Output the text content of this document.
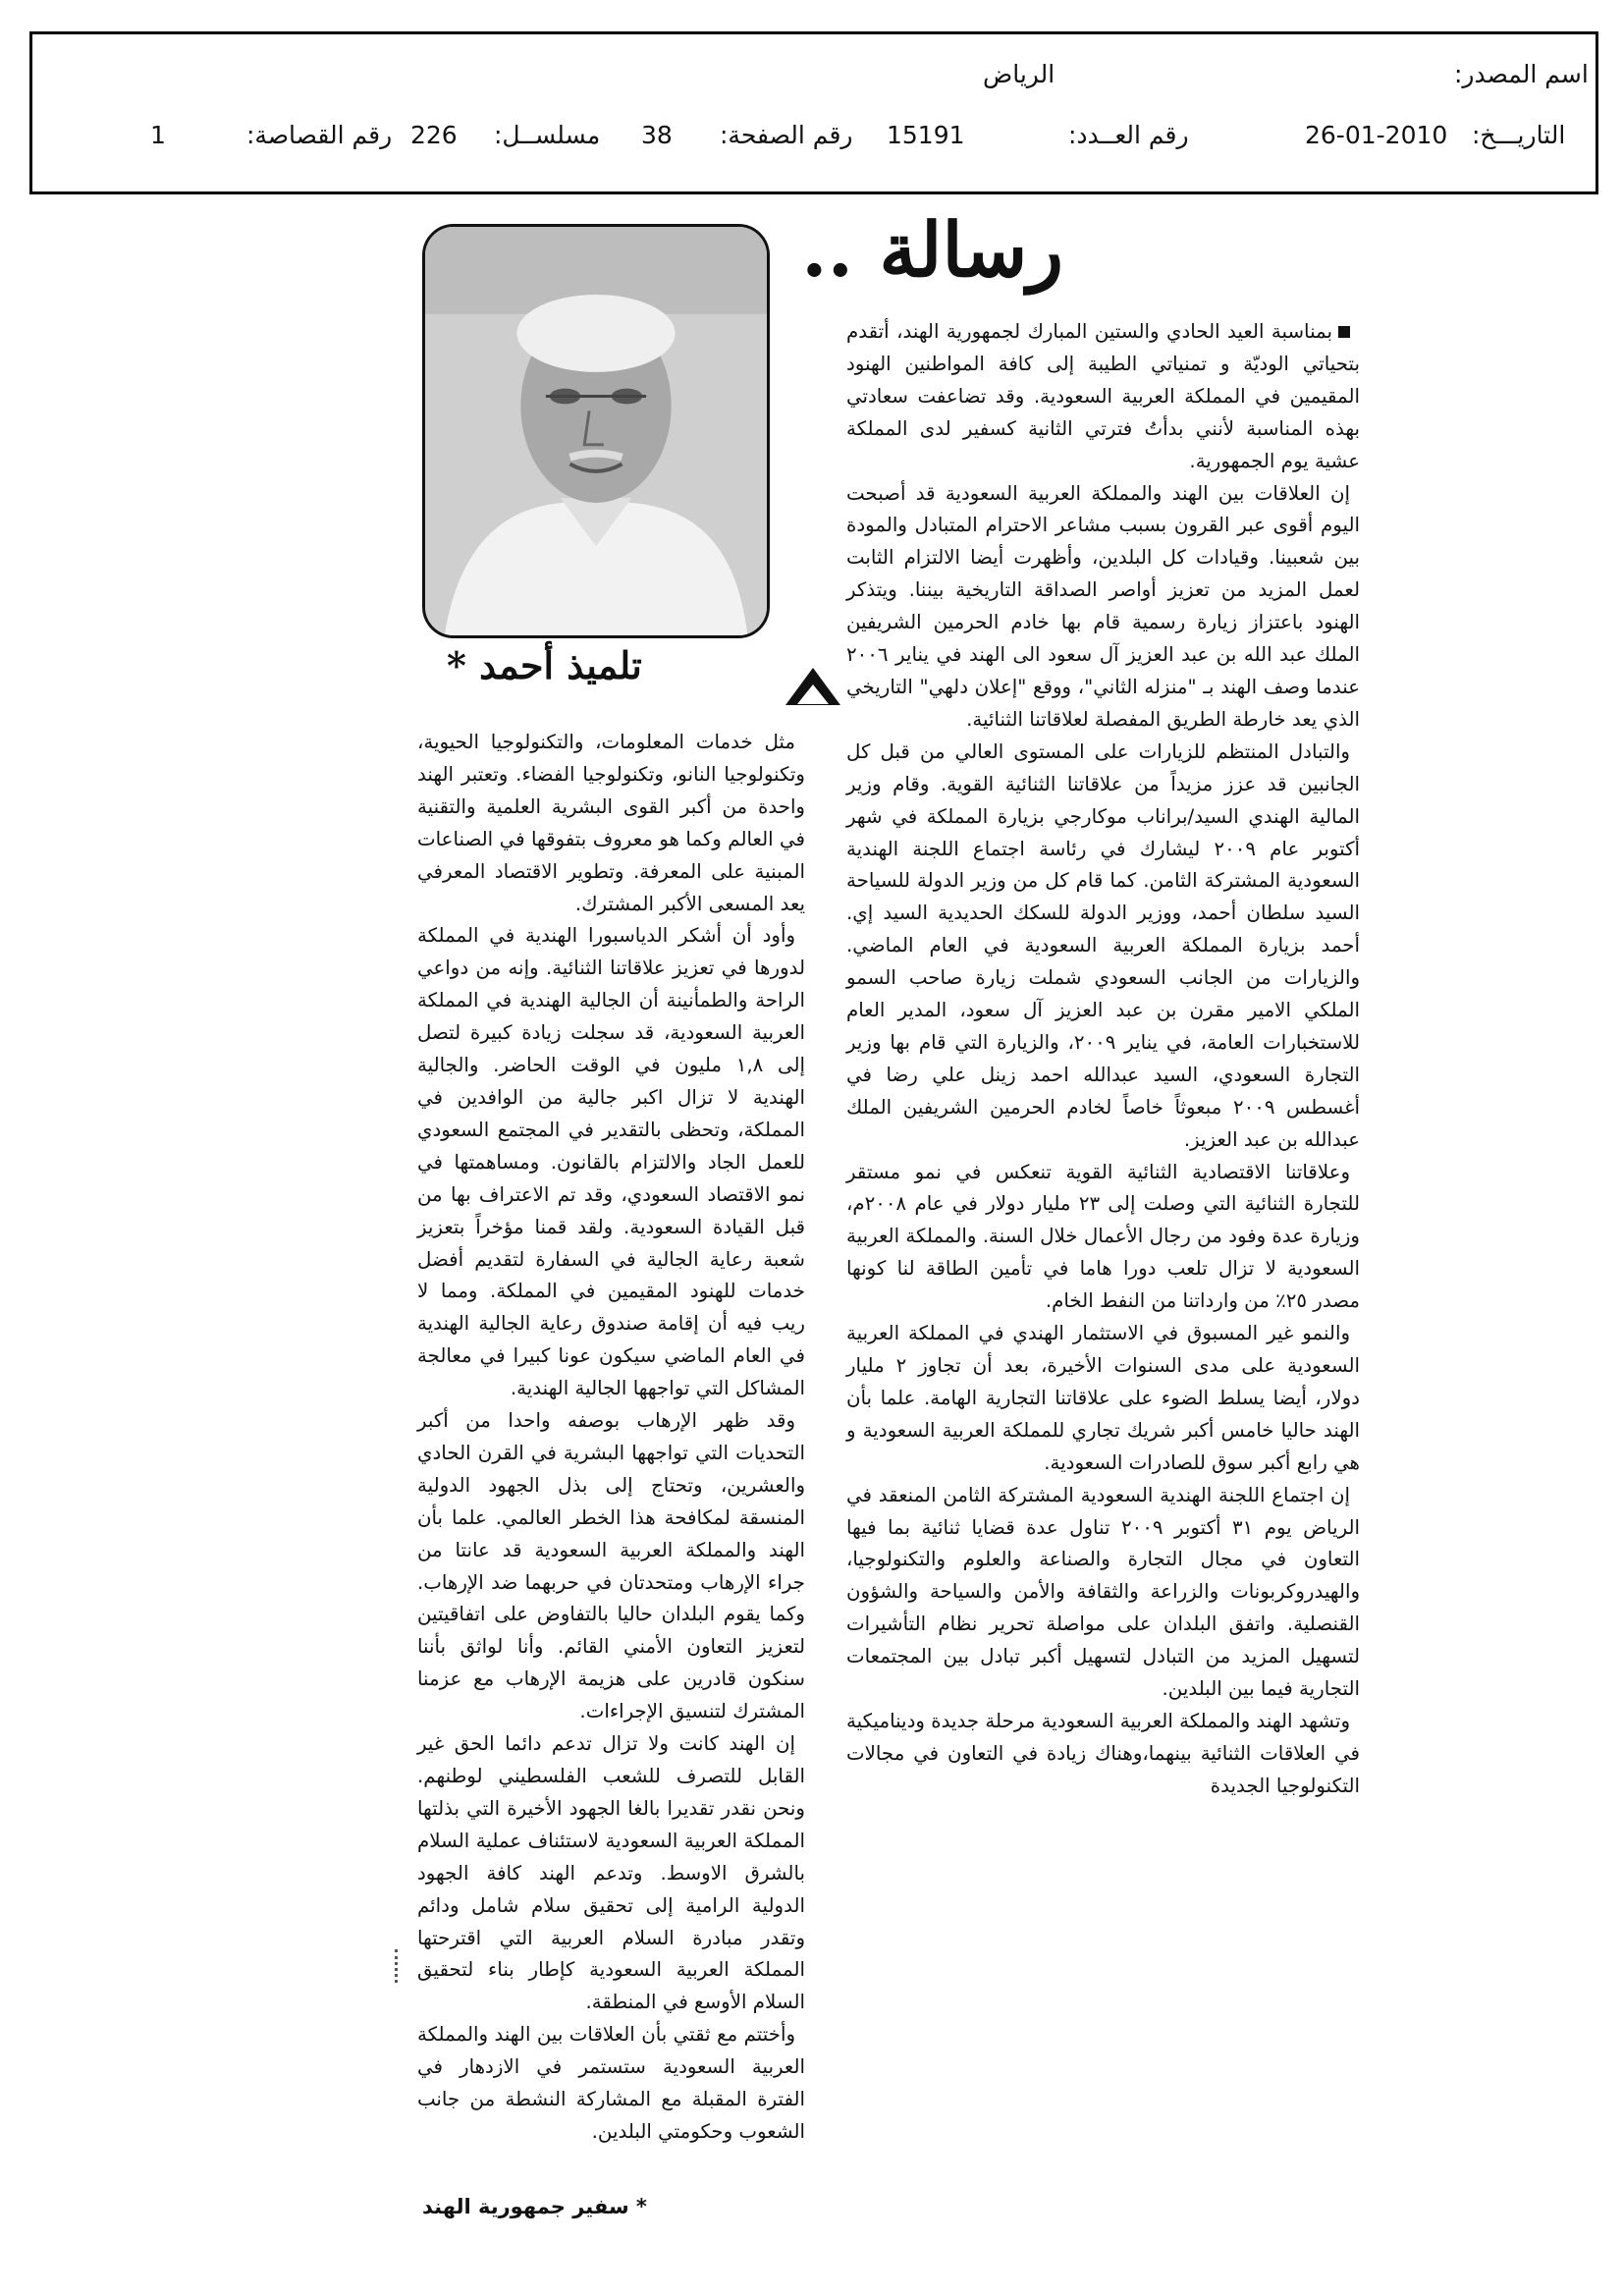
اسم المصدر:
الرياض
التاريـــخ:
26-01-2010
رقم العــدد:
15191
رقم الصفحة:
38
مسلســل:
226
رقم القصاصة:
1
رسالة ..
تلميذ أحمد *

بمناسبة العيد الحادي والستين المبارك لجمهورية الهند، أتقدم بتحياتي الوديّة و تمنياتي الطيبة إلى كافة المواطنين الهنود المقيمين في المملكة العربية السعودية. وقد تضاعفت سعادتي بهذه المناسبة لأنني بدأتُ فترتي الثانية كسفير لدى المملكة عشية يوم الجمهورية.

إن العلاقات بين الهند والمملكة العربية السعودية قد أصبحت اليوم أقوى عبر القرون بسبب مشاعر الاحترام المتبادل والمودة بين شعبينا. وقيادات كل البلدين، وأظهرت أيضا الالتزام الثابت لعمل المزيد من تعزيز أواصر الصداقة التاريخية بيننا. ويتذكر الهنود باعتزاز زيارة رسمية قام بها خادم الحرمين الشريفين الملك عبد الله بن عبد العزيز آل سعود الى الهند في يناير ٢٠٠٦ عندما وصف الهند بـ "منزله الثاني"، ووقع "إعلان دلهي" التاريخي الذي يعد خارطة الطريق المفصلة لعلاقاتنا الثنائية.

والتبادل المنتظم للزيارات على المستوى العالي من قبل كل الجانبين قد عزز مزيداً من علاقاتنا الثنائية القوية. وقام وزير المالية الهندي السيد/براناب موكارجي بزيارة المملكة في شهر أكتوبر عام ٢٠٠٩ ليشارك في رئاسة اجتماع اللجنة الهندية السعودية المشتركة الثامن. كما قام كل من وزير الدولة للسياحة السيد سلطان أحمد، ووزير الدولة للسكك الحديدية السيد إي. أحمد بزيارة المملكة العربية السعودية في العام الماضي. والزيارات من الجانب السعودي شملت زيارة صاحب السمو الملكي الامير مقرن بن عبد العزيز آل سعود، المدير العام للاستخبارات العامة، في يناير ٢٠٠٩، والزيارة التي قام بها وزير التجارة السعودي، السيد عبدالله احمد زينل علي رضا في أغسطس ٢٠٠٩ مبعوثاً خاصاً لخادم الحرمين الشريفين الملك عبدالله بن عبد العزيز.

وعلاقاتنا الاقتصادية الثنائية القوية تنعكس في نمو مستقر للتجارة الثنائية التي وصلت إلى ٢٣ مليار دولار في عام ٢٠٠٨م، وزيارة عدة وفود من رجال الأعمال خلال السنة. والمملكة العربية السعودية لا تزال تلعب دورا هاما في تأمين الطاقة لنا كونها مصدر ٢٥٪ من وارداتنا من النفط الخام.

والنمو غير المسبوق في الاستثمار الهندي في المملكة العربية السعودية على مدى السنوات الأخيرة، بعد أن تجاوز ٢ مليار دولار، أيضا يسلط الضوء على علاقاتنا التجارية الهامة. علما بأن الهند حاليا خامس أكبر شريك تجاري للمملكة العربية السعودية و هي رابع أكبر سوق للصادرات السعودية.

إن اجتماع اللجنة الهندية السعودية المشتركة الثامن المنعقد في الرياض يوم ٣١ أكتوبر ٢٠٠٩ تناول عدة قضايا ثنائية بما فيها التعاون في مجال التجارة والصناعة والعلوم والتكنولوجيا، والهيدروكربونات والزراعة والثقافة والأمن والسياحة والشؤون القنصلية. واتفق البلدان على مواصلة تحرير نظام التأشيرات لتسهيل المزيد من التبادل لتسهيل أكبر تبادل بين المجتمعات التجارية فيما بين البلدين.

وتشهد الهند والمملكة العربية السعودية مرحلة جديدة وديناميكية في العلاقات الثنائية بينهما،وهناك زيادة في التعاون في مجالات التكنولوجيا الجديدة

مثل خدمات المعلومات، والتكنولوجيا الحيوية، وتكنولوجيا النانو، وتكنولوجيا الفضاء. وتعتبر الهند واحدة من أكبر القوى البشرية العلمية والتقنية في العالم وكما هو معروف بتفوقها في الصناعات المبنية على المعرفة. وتطوير الاقتصاد المعرفي يعد المسعى الأكبر المشترك.

وأود أن أشكر الدياسبورا الهندية في المملكة لدورها في تعزيز علاقاتنا الثنائية. وإنه من دواعي الراحة والطمأنينة أن الجالية الهندية في المملكة العربية السعودية، قد سجلت زيادة كبيرة لتصل إلى ١,٨ مليون في الوقت الحاضر. والجالية الهندية لا تزال اكبر جالية من الوافدين في المملكة، وتحظى بالتقدير في المجتمع السعودي للعمل الجاد والالتزام بالقانون. ومساهمتها في نمو الاقتصاد السعودي، وقد تم الاعتراف بها من قبل القيادة السعودية. ولقد قمنا مؤخراً بتعزيز شعبة رعاية الجالية في السفارة لتقديم أفضل خدمات للهنود المقيمين في المملكة. ومما لا ريب فيه أن إقامة صندوق رعاية الجالية الهندية في العام الماضي سيكون عونا كبيرا في معالجة المشاكل التي تواجهها الجالية الهندية.

وقد ظهر الإرهاب بوصفه واحدا من أكبر التحديات التي تواجهها البشرية في القرن الحادي والعشرين، وتحتاج إلى بذل الجهود الدولية المنسقة لمكافحة هذا الخطر العالمي. علما بأن الهند والمملكة العربية السعودية قد عانتا من جراء الإرهاب ومتحدتان في حربهما ضد الإرهاب. وكما يقوم البلدان حاليا بالتفاوض على اتفاقيتين لتعزيز التعاون الأمني القائم. وأنا لواثق بأننا سنكون قادرين على هزيمة الإرهاب مع عزمنا المشترك لتنسيق الإجراءات.

إن الهند كانت ولا تزال تدعم دائما الحق غير القابل للتصرف للشعب الفلسطيني لوطنهم. ونحن نقدر تقديرا بالغا الجهود الأخيرة التي بذلتها المملكة العربية السعودية لاستئناف عملية السلام بالشرق الاوسط. وتدعم الهند كافة الجهود الدولية الرامية إلى تحقيق سلام شامل ودائم وتقدر مبادرة السلام العربية التي اقترحتها المملكة العربية السعودية كإطار بناء لتحقيق السلام الأوسع في المنطقة.

وأختتم مع ثقتي بأن العلاقات بين الهند والمملكة العربية السعودية ستستمر في الازدهار في الفترة المقبلة مع المشاركة النشطة من جانب الشعوب وحكومتي البلدين.

* سفير جمهورية الهند
